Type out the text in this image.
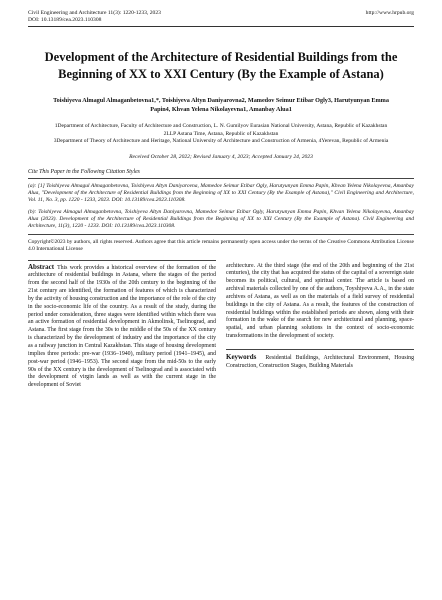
Civil Engineering and Architecture 11(3): 1220-1233, 2023
DOI: 10.13189/cea.2023.110308
http://www.hrpub.org
Development of the Architecture of Residential Buildings from the Beginning of XX to XXI Century (By the Example of Astana)
Toishiyeva Almagul Almaganbetovna1,*, Toishiyeva Altyn Daniyarovna2, Mamedov Seimur Etibar Ogly3, Harutyunyan Emma Papin4, Khvan Yelena Nikolayevna1, Amanbay Alua1
1Department of Architecture, Faculty of Architecture and Construction, L. N. Gumilyov Eurasian National University, Astana, Republic of Kazakhstan
2LLP Astana Time, Astana, Republic of Kazakhstan
3Department of Theory of Architecture and Heritage, National University of Architecture and Construction of Armenia, 4Yerevan, Republic of Armenia
Received October 28, 2022; Revised January 4, 2023; Accepted January 24, 2023
Cite This Paper in the Following Citation Styles

(a): [1] Toishiyeva Almagul Almaganbetovna, Toishiyeva Altyn Daniyarovna, Mamedov Seimur Etibar Ogly, Harutyunyan Emma Papin, Khvan Yelena Nikolayevna, Amanbay Alua, "Development of the Architecture of Residential Buildings from the Beginning of XX to XXI Century (By the Example of Astana)," Civil Engineering and Architecture, Vol. 11, No. 3, pp. 1220 - 1233, 2023. DOI: 10.13189/cea.2023.110308.

(b): Toishiyeva Almagul Almaganbetovna, Toishiyeva Altyn Daniyarovna, Mamedov Seimur Etibar Ogly, Harutyunyan Emma Papin, Khvan Yelena Nikolayevna, Amanbay Alua (2023). Development of the Architecture of Residential Buildings from the Beginning of XX to XXI Century (By the Example of Astana). Civil Engineering and Architecture, 11(3), 1220 - 1233. DOI: 10.13189/cea.2023.110308.

Copyright©2023 by authors, all rights reserved. Authors agree that this article remains permanently open access under the terms of the Creative Commons Attribution License 4.0 International License
Abstract This work provides a historical overview of the formation of the architecture of residential buildings in Astana, where the stages of the period from the second half of the 1930s of the 20th century to the beginning of the 21st century are identified, the formation of features of which is characterized by the activity of housing construction and the importance of the role of the city in the socio-economic life of the country. As a result of the study, during the period under consideration, three stages were identified within which there was an active formation of residential development in Akmolinsk, Tselinograd, and Astana. The first stage from the 30s to the middle of the 50s of the XX century is characterized by the development of industry and the importance of the city as a railway junction in Central Kazakhstan. This stage of housing development implies three periods: pre-war (1936–1940), military period (1941–1945), and post-war period (1946–1953). The second stage from the mid-50s to the early 90s of the XX century is the development of Tselinograd and is associated with the development of virgin lands as well as with the current stage in the development of Soviet
architecture. At the third stage (the end of the 20th and beginning of the 21st centuries), the city that has acquired the status of the capital of a sovereign state becomes its political, cultural, and spiritual center. The article is based on archival materials collected by one of the authors, Toyshiyeva A.A., in the state archives of Astana, as well as on the materials of a field survey of residential buildings in the city of Astana. As a result, the features of the construction of residential buildings within the established periods are shown, along with their formation in the wake of the search for new architectural and planning, space-spatial, and urban planning solutions in the context of socio-economic transformations in the development of society.
Keywords Residential Buildings, Architectural Environment, Housing Construction, Construction Stages, Building Materials
